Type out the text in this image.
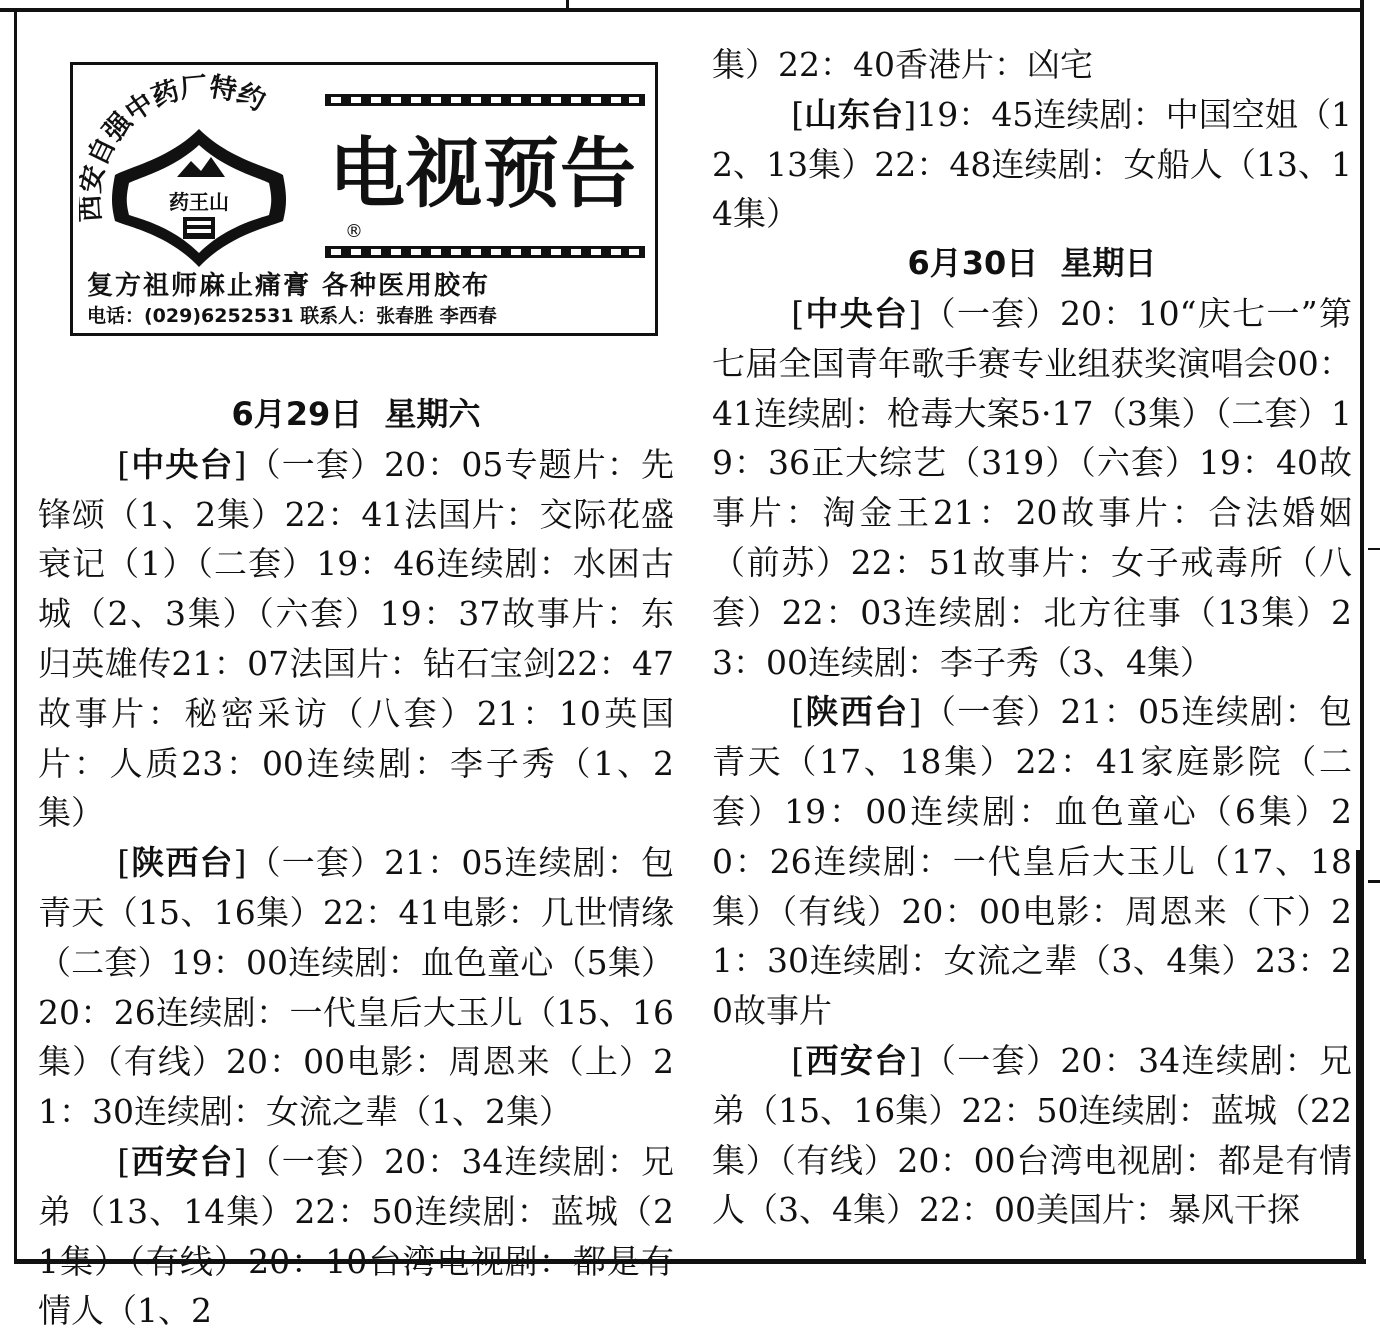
自强中药厂特约
药王山
®
电视预告
复方祖师麻止痛膏 各种医用胶布
电话：(029)6252531 联系人：张春胜 李西春

6月29日  星期六

[中央台]（一套）20：05专题片：先锋颂（1、2集）22：41法国片：交际花盛衰记（1）（二套）19：46连续剧：水困古城（2、3集）（六套）19：37故事片：东归英雄传21：07法国片：钻石宝剑22：47故事片：秘密采访（八套）21：10英国片：人质23：00连续剧：李子秀（1、2集）

[陕西台]（一套）21：05连续剧：包青天（15、16集）22：41电影：几世情缘（二套）19：00连续剧：血色童心（5集）20：26连续剧：一代皇后大玉儿（15、16集）（有线）20：00电影：周恩来（上）21：30连续剧：女流之辈（1、2集）

[西安台]（一套）20：34连续剧：兄弟（13、14集）22：50连续剧：蓝城（21集）（有线）20：10台湾电视剧：都是有情人（1、2

集）22：40香港片：凶宅

[山东台]19：45连续剧：中国空姐（12、13集）22：48连续剧：女船人（13、14集）

6月30日  星期日

[中央台]（一套）20：10“庆七一”第七届全国青年歌手赛专业组获奖演唱会00：41连续剧：枪毒大案5·17（3集）（二套）19：36正大综艺（319）（六套）19：40故事片：淘金王21：20故事片：合法婚姻（前苏）22：51故事片：女子戒毒所（八套）22：03连续剧：北方往事（13集）23：00连续剧：李子秀（3、4集）

[陕西台]（一套）21：05连续剧：包青天（17、18集）22：41家庭影院（二套）19：00连续剧：血色童心（6集）20：26连续剧：一代皇后大玉儿（17、18集）（有线）20：00电影：周恩来（下）21：30连续剧：女流之辈（3、4集）23：20故事片

[西安台]（一套）20：34连续剧：兄弟（15、16集）22：50连续剧：蓝城（22集）（有线）20：00台湾电视剧：都是有情人（3、4集）22：00美国片：暴风干探
